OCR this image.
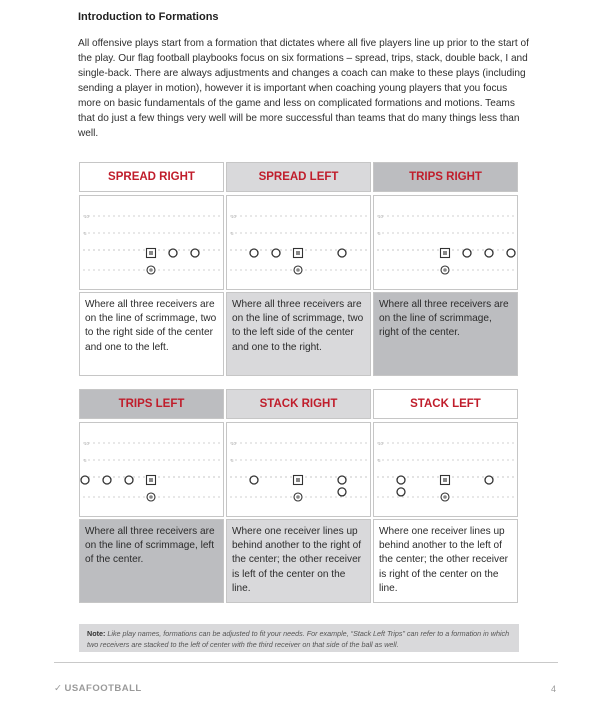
Introduction to Formations
All offensive plays start from a formation that dictates where all five players line up prior to the start of the play. Our flag football playbooks focus on six formations – spread, trips, stack, double back, I and single-back. There are always adjustments and changes a coach can make to these plays (including sending a player in motion), however it is important when coaching young players that you focus more on basic fundamentals of the game and less on complicated formations and motions. Teams that do just a few things very well will be more successful than teams that do many things less than well.
SPREAD RIGHT
10
5
Where all three receivers are on the line of scrimmage, two to the right side of the center and one to the left.
SPREAD LEFT
10
5
Where all three receivers are on the line of scrimmage, two to the left side of the center and one to the right.
TRIPS RIGHT
10
5
Where all three receivers are on the line of scrimmage, right of the center.
TRIPS LEFT
10
5
Where all three receivers are on the line of scrimmage, left of the center.
STACK RIGHT
10
5
Where one receiver lines up behind another to the right of the center; the other receiver is left of the center on the line.
STACK LEFT
10
5
Where one receiver lines up behind another to the left of the center; the other receiver is right of the center on the line.
Note: Like play names, formations can be adjusted to fit your needs. For example, “Stack Left Trips” can refer to a formation in which two receivers are stacked to the left of center with the third receiver on that side of the ball as well.
✓ USAFOOTBALL	4
